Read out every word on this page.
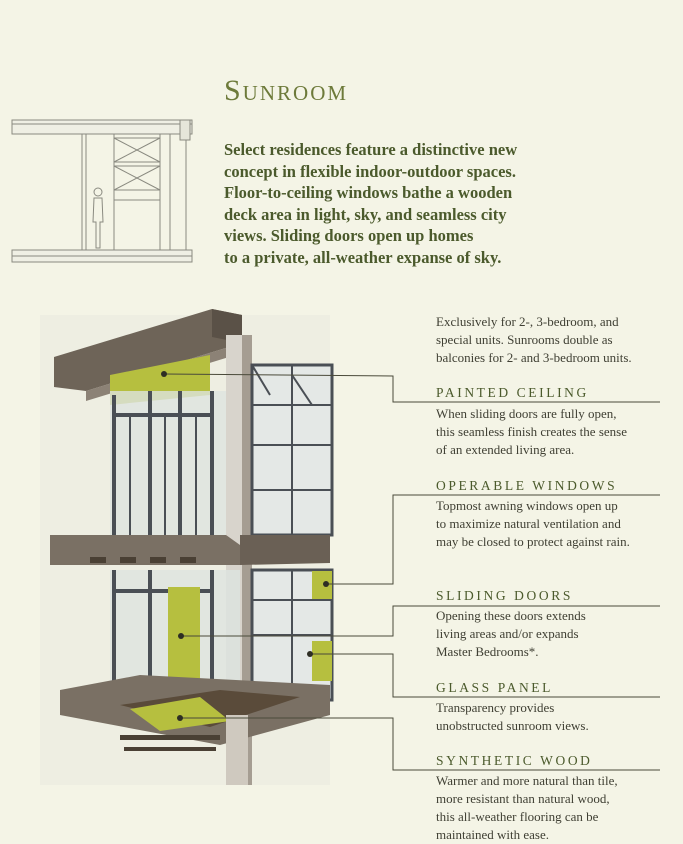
Sunroom
Select residences feature a distinctive new
concept in flexible indoor-outdoor spaces.
Floor-to-ceiling windows bathe a wooden
deck area in light, sky, and seamless city
views. Sliding doors open up homes
to a private, all-weather expanse of sky.
Exclusively for 2-, 3-bedroom, and
special units. Sunrooms double as
balconies for 2- and 3-bedroom units.
PAINTED CEILING
When sliding doors are fully open,
this seamless finish creates the sense
of an extended living area.
OPERABLE WINDOWS
Topmost awning windows open up
to maximize natural ventilation and
may be closed to protect against rain.
SLIDING DOORS
Opening these doors extends
living areas and/or expands
Master Bedrooms*.
GLASS PANEL
Transparency provides
unobstructed sunroom views.
SYNTHETIC WOOD
Warmer and more natural than tile,
more resistant than natural wood,
this all-weather flooring can be
maintained with ease.
